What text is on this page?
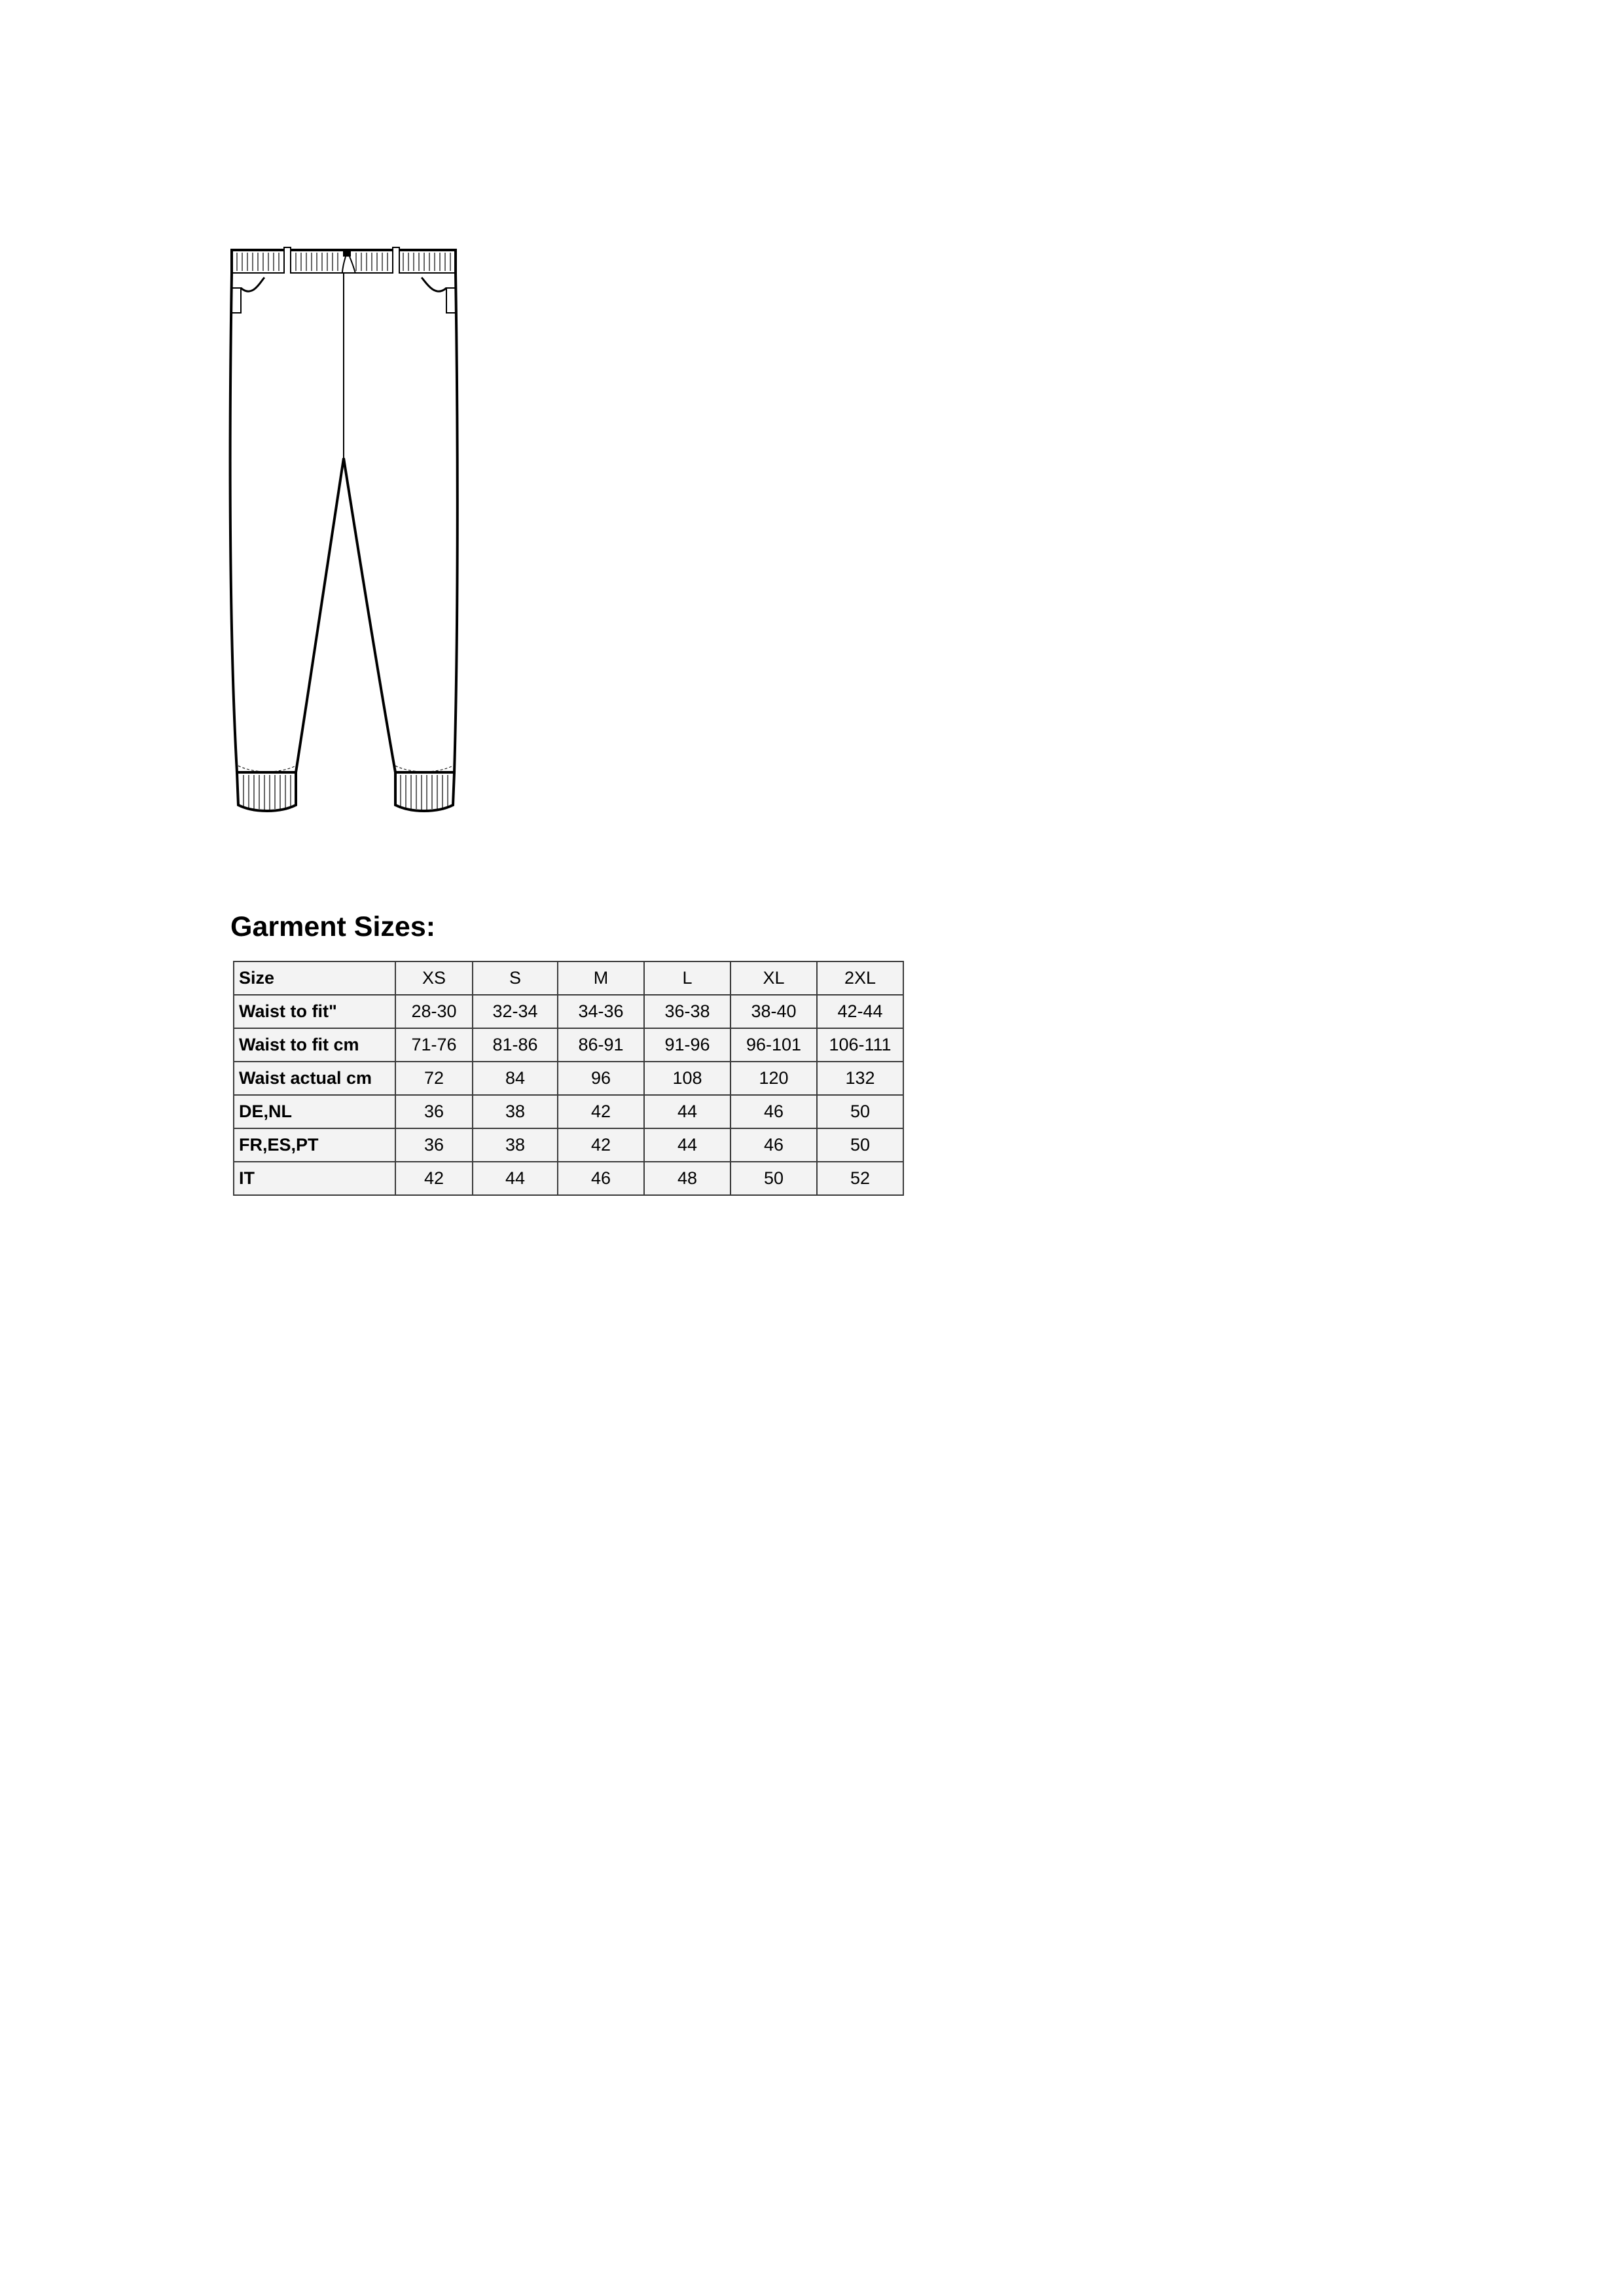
Garment Sizes:
Size	XS	S	M	L	XL	2XL
Waist to fit"	28-30	32-34	34-36	36-38	38-40	42-44
Waist to fit cm	71-76	81-86	86-91	91-96	96-101	106-111
Waist actual cm	72	84	96	108	120	132
DE,NL	36	38	42	44	46	50
FR,ES,PT	36	38	42	44	46	50
IT	42	44	46	48	50	52
